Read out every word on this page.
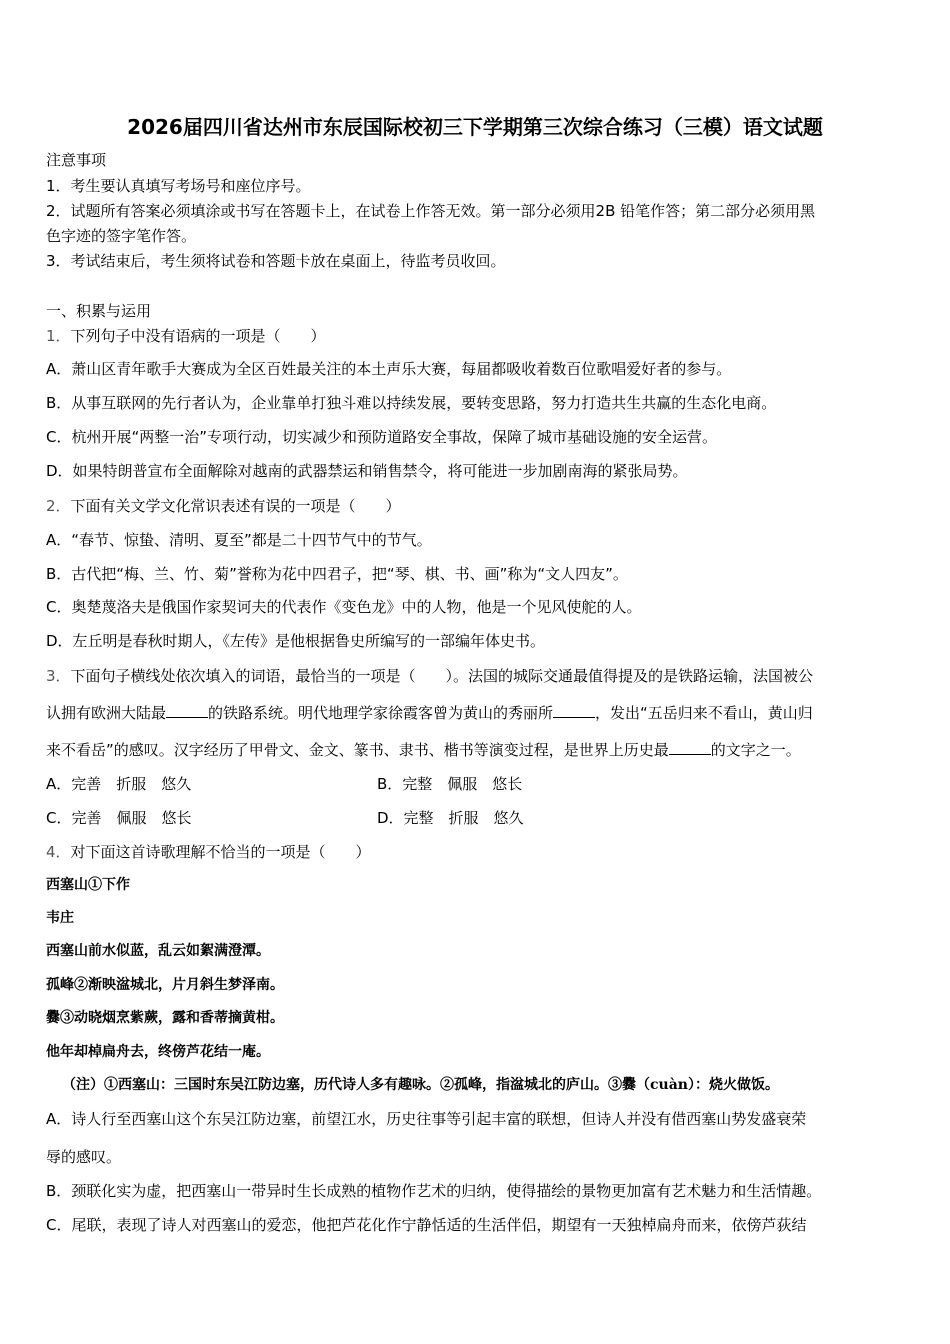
2026届四川省达州市东辰国际校初三下学期第三次综合练习（三模）语文试题
注意事项
1．考生要认真填写考场号和座位序号。
2．试题所有答案必须填涂或书写在答题卡上，在试卷上作答无效。第一部分必须用2B 铅笔作答；第二部分必须用黑
色字迹的签字笔作答。
3．考试结束后，考生须将试卷和答题卡放在桌面上，待监考员收回。
一、积累与运用
1．下列句子中没有语病的一项是（　　）
A．萧山区青年歌手大赛成为全区百姓最关注的本土声乐大赛，每届都吸收着数百位歌唱爱好者的参与。
B．从事互联网的先行者认为，企业靠单打独斗难以持续发展，要转变思路，努力打造共生共赢的生态化电商。
C．杭州开展“两整一治”专项行动，切实减少和预防道路安全事故，保障了城市基础设施的安全运营。
D．如果特朗普宣布全面解除对越南的武器禁运和销售禁令，将可能进一步加剧南海的紧张局势。
2．下面有关文学文化常识表述有误的一项是（　　）
A．“春节、惊蛰、清明、夏至”都是二十四节气中的节气。
B．古代把“梅、兰、竹、菊”誉称为花中四君子，把“琴、棋、书、画”称为“文人四友”。
C．奥楚蔑洛夫是俄国作家契诃夫的代表作《变色龙》中的人物，他是一个见风使舵的人。
D．左丘明是春秋时期人，《左传》是他根据鲁史所编写的一部编年体史书。
3．下面句子横线处依次填入的词语，最恰当的一项是（　　）。法国的城际交通最值得提及的是铁路运输，法国被公
认拥有欧洲大陆最	的铁路系统。明代地理学家徐霞客曾为黄山的秀丽所	，发出“五岳归来不看山，黄山归
来不看岳”的感叹。汉字经历了甲骨文、金文、篆书、隶书、楷书等演变过程，是世界上历史最	的文字之一。
A．完善　折服　悠久	B．完整　佩服　悠长
C．完善　佩服　悠长	D．完整　折服　悠久
4．对下面这首诗歌理解不恰当的一项是（　　）
西塞山①下作
韦庄
西塞山前水似蓝，乱云如絮满澄潭。
孤峰②渐映湓城北，片月斜生梦泽南。
爨③动晓烟烹紫蕨，露和香蒂摘黄柑。
他年却棹扁舟去，终傍芦花结一庵。
（注）①西塞山：三国时东吴江防边塞，历代诗人多有趣咏。②孤峰，指湓城北的庐山。③爨（cuàn）：烧火做饭。
A．诗人行至西塞山这个东吴江防边塞，前望江水，历史往事等引起丰富的联想，但诗人并没有借西塞山势发盛衰荣
辱的感叹。
B．颈联化实为虚，把西塞山一带异时生长成熟的植物作艺术的归纳，使得描绘的景物更加富有艺术魅力和生活情趣。
C．尾联，表现了诗人对西塞山的爱恋，他把芦花化作宁静恬适的生活伴侣，期望有一天独棹扁舟而来，依傍芦荻结
